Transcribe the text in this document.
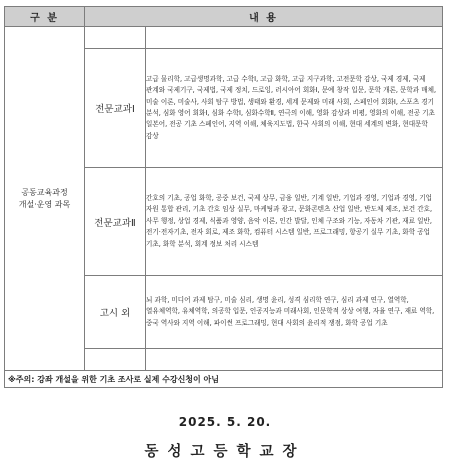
구 분	내 용	
공동교육과정
개설·운영 과목		
	전문교과Ⅰ	고급 물리학, 고급생명과학, 고급 수학Ⅰ, 고급 화학, 고급 지구과학, 고전문학 감상, 국제 경제, 국제 관계와 국제기구, 국제법, 국제 정치, 드로잉, 러시아어 회화Ⅰ, 문예 창작 입문, 문학 개론, 문학과 매체, 미술 이론, 미술사, 사회 탐구 방법, 생태와 환경, 세계 문제와 미래 사회, 스페인어 회화Ⅰ, 스포츠 경기 분석, 심화 영어 회화Ⅰ, 심화 수학Ⅰ, 심화수학Ⅱ, 연극의 이해, 영화 감상과 비평, 영화의 이해, 전공 기초 일본어, 전공 기초 스페인어, 지역 이해, 체육지도법, 한국 사회의 이해, 현대 세계의 변화, 현대문학 감상
	전문교과Ⅱ	간호의 기초, 공업 화학, 공중 보건, 국제 상무, 금융 일반, 기계 일반, 기업과 경영, 기업과 경영, 기업 자원 통합 관리, 기초 간호 임상 실무, 마케팅과 광고, 문화콘텐츠 산업 일반, 반도체 제조, 보건 간호, 사무 행정, 상업 경제, 식품과 영양, 음악 이론, 인간 발달, 인체 구조와 기능, 자동차 기관, 재료 일반, 전기·전자기초, 전자 회로, 제조 화학, 컴퓨터 시스템 일반, 프로그래밍, 항공기 실무 기초, 화학 공업 기초, 화학 분석, 회계 정보 처리 시스템
	고시 외	뇌 과학, 미디어 과제 탐구, 미술 심리, 생명 윤리, 성격 심리학 연구, 심리 과제 연구, 열역학, 열유체역학, 유체역학, 의공학 입문, 인공지능과 미래사회, 인문학적 상상 여행, 자율 연구, 재료 역학, 중국 역사와 지역 이해, 파이썬 프로그래밍, 현대 사회의 윤리적 쟁점, 화학 공업 기초

※주의: 강좌 개설을 위한 기초 조사로 실제 수강신청이 아님		
2025. 5. 20.
동성고등학교장
